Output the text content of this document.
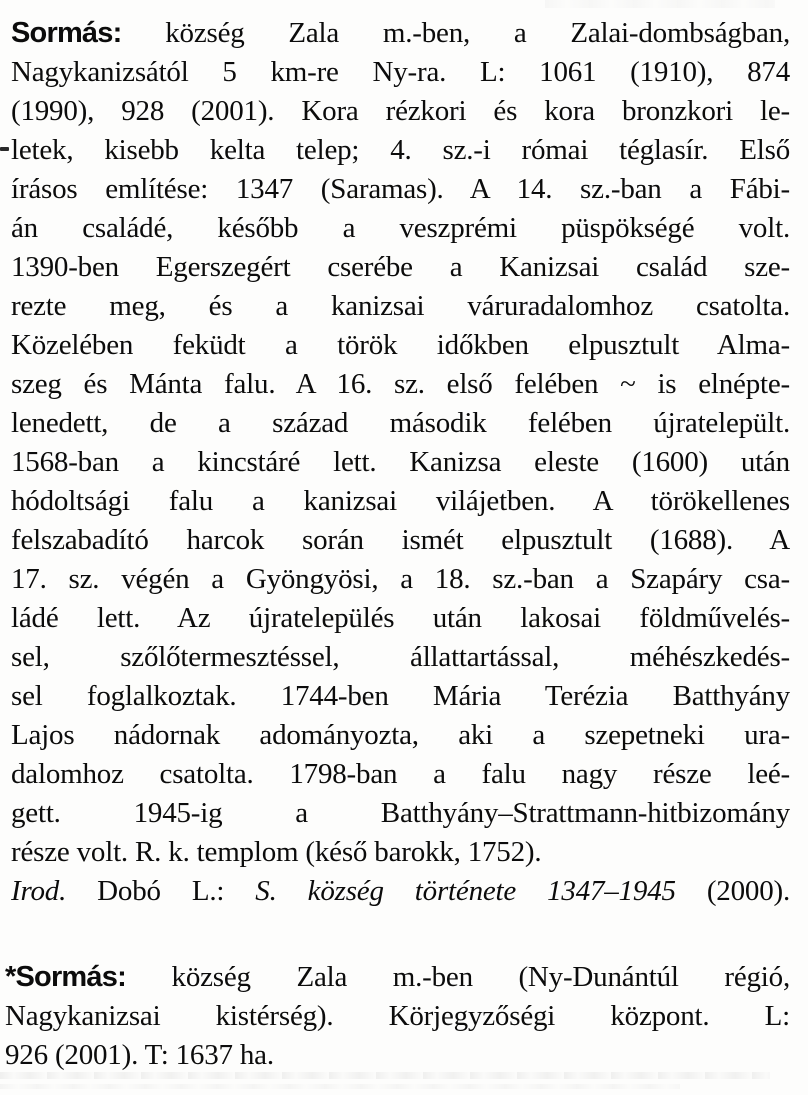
Sormás: község Zala m.-ben, a Zalai-dombságban,
Nagykanizsától 5 km-re Ny-ra. L: 1061 (1910), 874
(1990), 928 (2001). Kora rézkori és kora bronzkori le-
letek, kisebb kelta telep; 4. sz.-i római téglasír. Első
írásos említése: 1347 (Saramas). A 14. sz.-ban a Fábi-
án családé, később a veszprémi püspökségé volt.
1390-ben Egerszegért cserébe a Kanizsai család sze-
rezte meg, és a kanizsai váruradalomhoz csatolta.
Közelében feküdt a török időkben elpusztult Alma-
szeg és Mánta falu. A 16. sz. első felében ~ is elnépte-
lenedett, de a század második felében újratelepült.
1568-ban a kincstáré lett. Kanizsa eleste (1600) után
hódoltsági falu a kanizsai vilájetben. A törökellenes
felszabadító harcok során ismét elpusztult (1688). A
17. sz. végén a Gyöngyösi, a 18. sz.-ban a Szapáry csa-
ládé lett. Az újratelepülés után lakosai földművelés-
sel, szőlőtermesztéssel, állattartással, méhészkedés-
sel foglalkoztak. 1744-ben Mária Terézia Batthyány
Lajos nádornak adományozta, aki a szepetneki ura-
dalomhoz csatolta. 1798-ban a falu nagy része leé-
gett. 1945-ig a Batthyány–Strattmann-hitbizomány
része volt. R. k. templom (késő barokk, 1752).
Irod. Dobó L.: S. község története 1347–1945 (2000).
*Sormás: község Zala m.-ben (Ny-Dunántúl régió,
Nagykanizsai kistérség). Körjegyzőségi központ. L:
926 (2001). T: 1637 ha.
